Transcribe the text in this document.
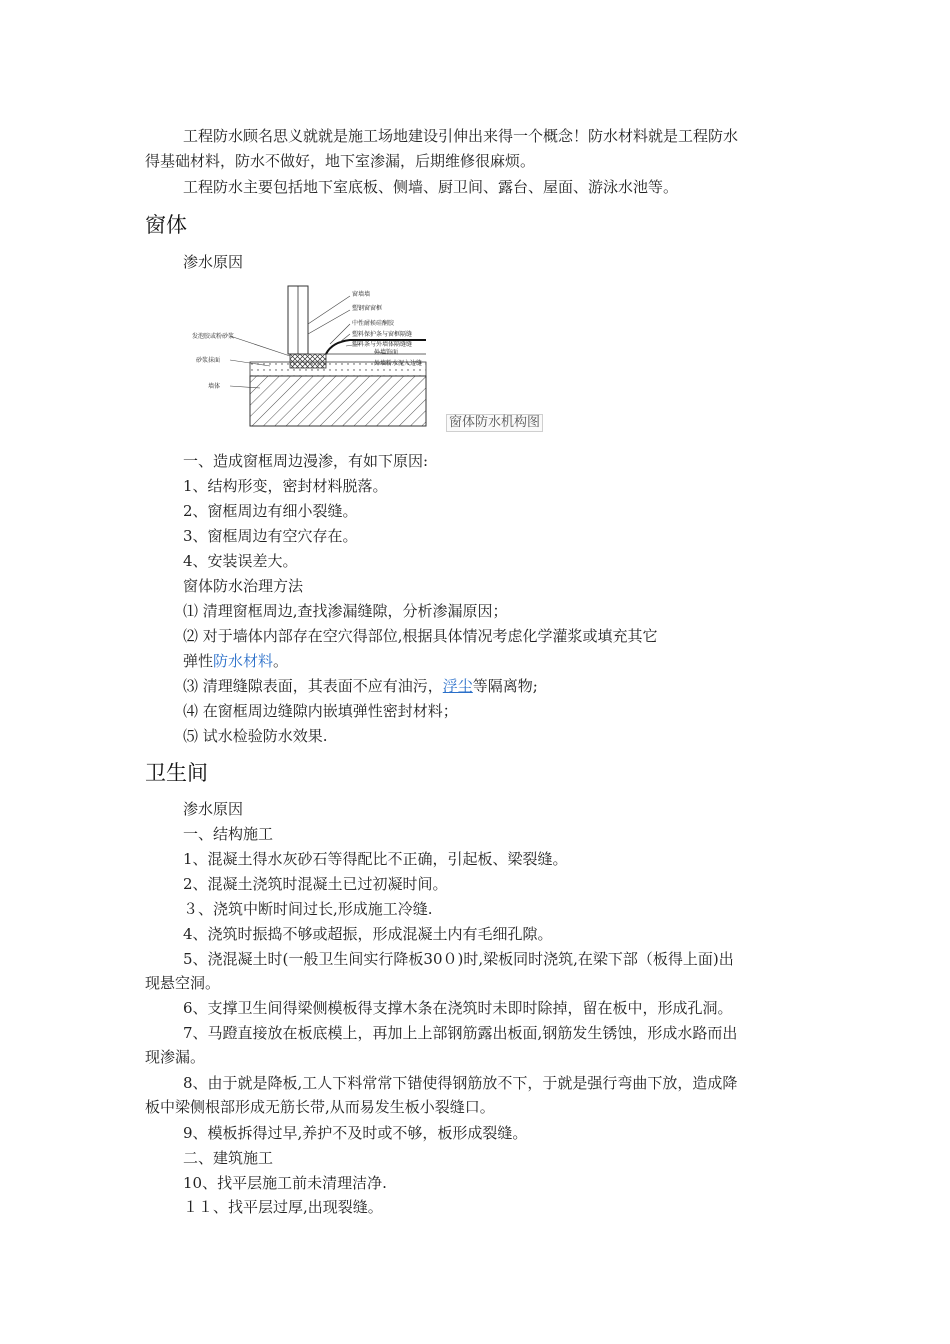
工程防水顾名思义就就是施工场地建设引伸出来得一个概念！防水材料就是工程防水
得基础材料，防水不做好，地下室渗漏，后期维修很麻烦。
工程防水主要包括地下室底板、侧墙、厨卫间、露台、屋面、游泳水池等。
窗体
渗水原因
窗墙墙
塑钢窗窗框
中性耐候硅酮胶
塑料保护条与窗框隔缝
塑料条与外墙体隔缝缝
外墙饰面
外墙粉水泥入边缝
发泡胶或粉砂浆
砂浆抹面
墙体
窗体防水机构图
一、造成窗框周边漫渗，有如下原因:
1、结构形变，密封材料脱落。
2、窗框周边有细小裂缝。
3、窗框周边有空穴存在。
4、安装误差大。
窗体防水治理方法
⑴ 清理窗框周边,查找渗漏缝隙，分析渗漏原因；
⑵ 对于墙体内部存在空穴得部位,根据具体情况考虑化学灌浆或填充其它
弹性防水材料。
⑶ 清理缝隙表面，其表面不应有油污，浮尘等隔离物;
⑷ 在窗框周边缝隙内嵌填弹性密封材料；
⑸ 试水检验防水效果.
卫生间
渗水原因
一、结构施工
1、混凝土得水灰砂石等得配比不正确，引起板、梁裂缝。
2、混凝土浇筑时混凝土已过初凝时间。
３、浇筑中断时间过长,形成施工冷缝.
4、浇筑时振捣不够或超振，形成混凝土内有毛细孔隙。
5、浇混凝土时(一般卫生间实行降板30０)时,梁板同时浇筑,在梁下部（板得上面)出
现悬空洞。
6、支撑卫生间得梁侧模板得支撑木条在浇筑时未即时除掉，留在板中，形成孔洞。
7、马蹬直接放在板底模上，再加上上部钢筋露出板面,钢筋发生锈蚀，形成水路而出
现渗漏。
8、由于就是降板,工人下料常常下错使得钢筋放不下，于就是强行弯曲下放，造成降
板中梁侧根部形成无筋长带,从而易发生板小裂缝口。
9、模板拆得过早,养护不及时或不够，板形成裂缝。
二、建筑施工
10、找平层施工前未清理洁净.
１１、找平层过厚,出现裂缝。
